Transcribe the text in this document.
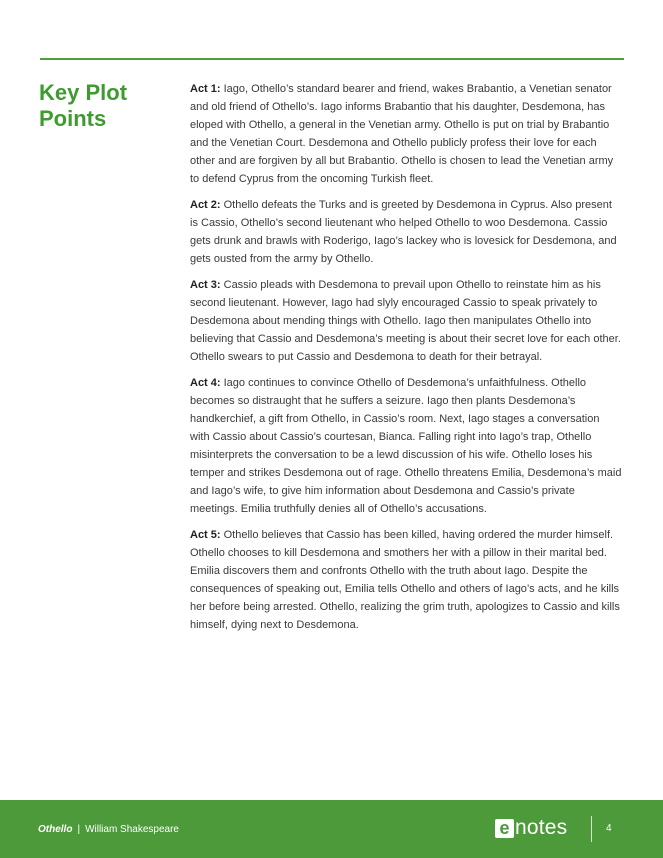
Key Plot
Points

Act 1: Iago, Othello’s standard bearer and friend, wakes Brabantio, a Venetian senator and old friend of Othello’s. Iago informs Brabantio that his daughter, Desdemona, has eloped with Othello, a general in the Venetian army. Othello is put on trial by Brabantio and the Venetian Court. Desdemona and Othello publicly profess their love for each other and are forgiven by all but Brabantio. Othello is chosen to lead the Venetian army to defend Cyprus from the oncoming Turkish fleet.

Act 2: Othello defeats the Turks and is greeted by Desdemona in Cyprus. Also present is Cassio, Othello’s second lieutenant who helped Othello to woo Desdemona. Cassio gets drunk and brawls with Roderigo, Iago’s lackey who is lovesick for Desdemona, and gets ousted from the army by Othello.

Act 3: Cassio pleads with Desdemona to prevail upon Othello to reinstate him as his second lieutenant. However, Iago had slyly encouraged Cassio to speak privately to Desdemona about mending things with Othello. Iago then manipulates Othello into believing that Cassio and Desdemona’s meeting is about their secret love for each other. Othello swears to put Cassio and Desdemona to death for their betrayal.

Act 4: Iago continues to convince Othello of Desdemona’s unfaithfulness. Othello becomes so distraught that he suffers a seizure. Iago then plants Desdemona’s handkerchief, a gift from Othello, in Cassio’s room. Next, Iago stages a conversation with Cassio about Cassio’s courtesan, Bianca. Falling right into Iago’s trap, Othello misinterprets the conversation to be a lewd discussion of his wife. Othello loses his temper and strikes Desdemona out of rage. Othello threatens Emilia, Desdemona’s maid and Iago’s wife, to give him information about Desdemona and Cassio’s private meetings. Emilia truthfully denies all of Othello’s accusations.

Act 5: Othello believes that Cassio has been killed, having ordered the murder himself. Othello chooses to kill Desdemona and smothers her with a pillow in their marital bed. Emilia discovers them and confronts Othello with the truth about Iago. Despite the consequences of speaking out, Emilia tells Othello and others of Iago’s acts, and he kills her before being arrested. Othello, realizing the grim truth, apologizes to Cassio and kills himself, dying next to Desdemona.

Othello | William Shakespeare	e notes	4
